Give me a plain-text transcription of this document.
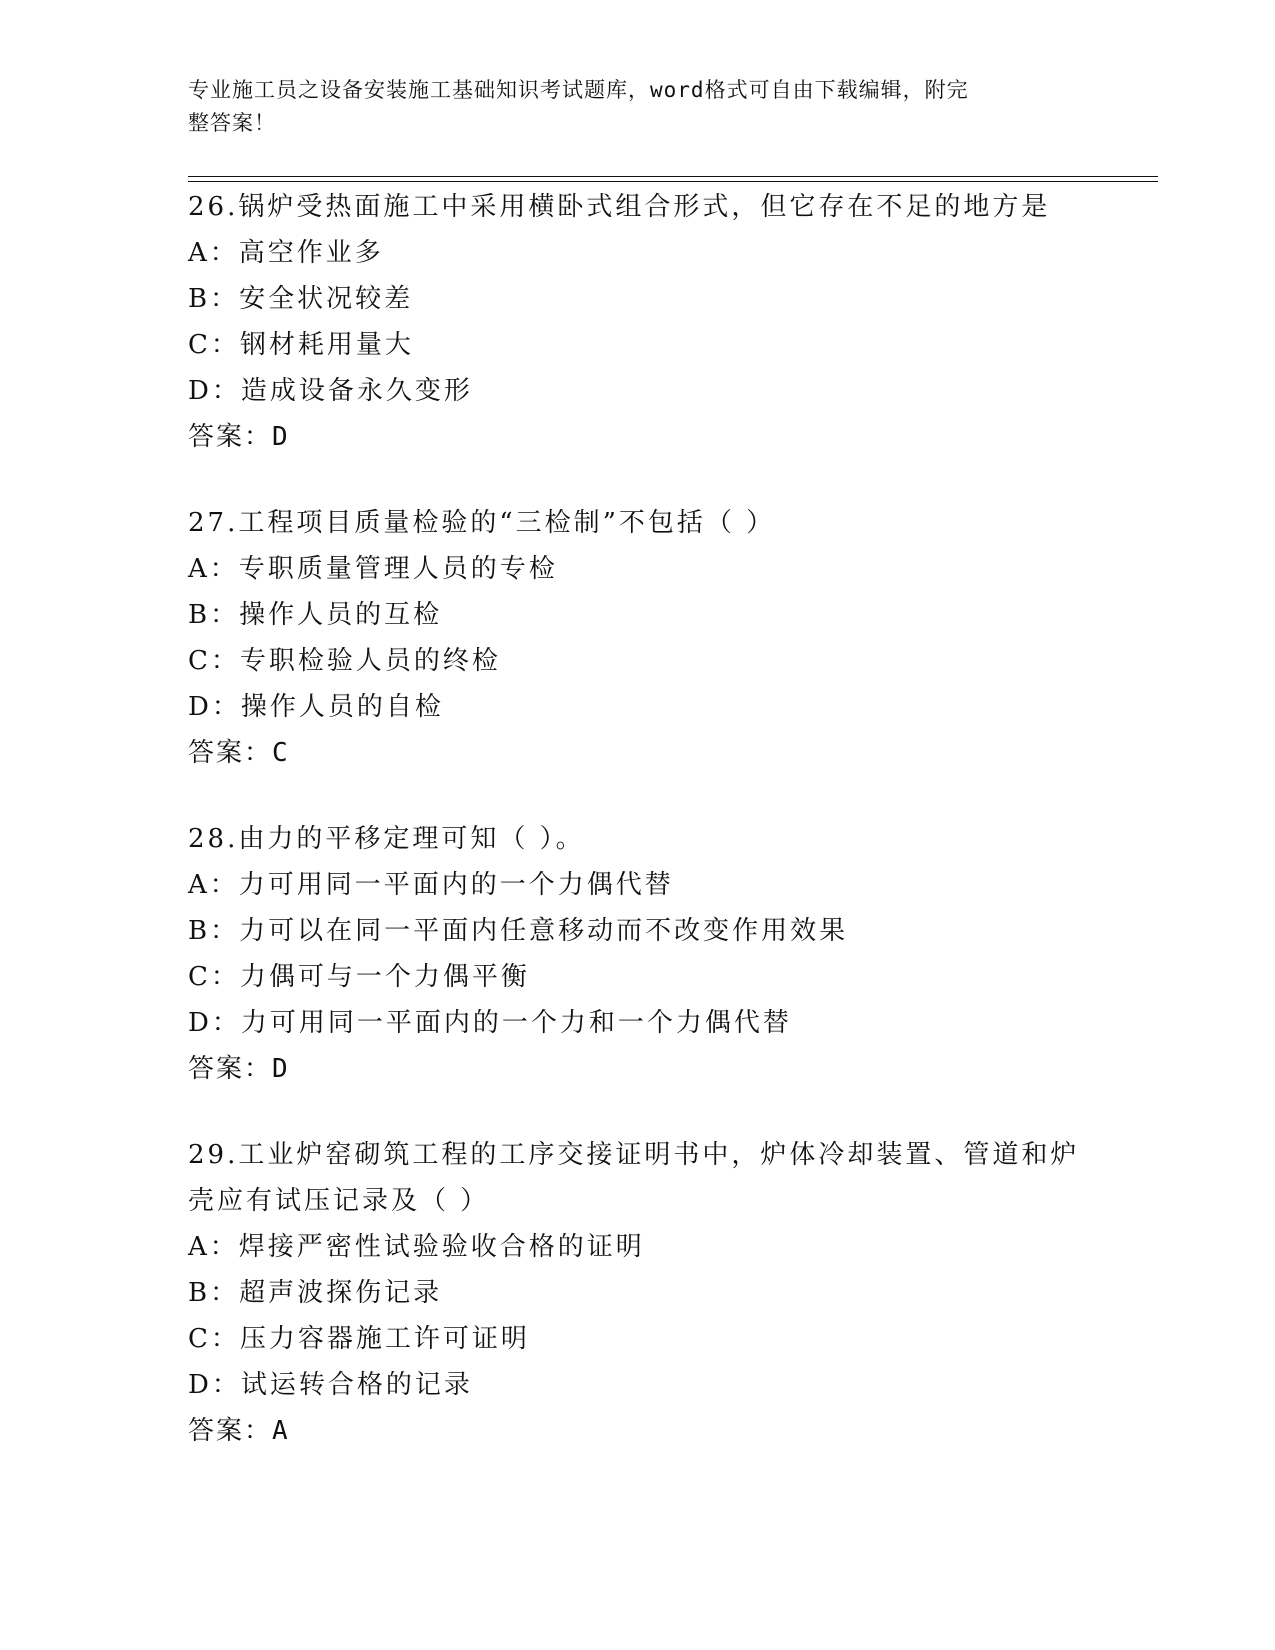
专业施工员之设备安装施工基础知识考试题库，word格式可自由下载编辑，附完
整答案！

26.锅炉受热面施工中采用横卧式组合形式，但它存在不足的地方是

A：高空作业多

B：安全状况较差

C：钢材耗用量大

D：造成设备永久变形

答案：D

27.工程项目质量检验的“三检制”不包括（ ）

A：专职质量管理人员的专检

B：操作人员的互检

C：专职检验人员的终检

D：操作人员的自检

答案：C

28.由力的平移定理可知（ ）。

A：力可用同一平面内的一个力偶代替

B：力可以在同一平面内任意移动而不改变作用效果

C：力偶可与一个力偶平衡

D：力可用同一平面内的一个力和一个力偶代替

答案：D

29.工业炉窑砌筑工程的工序交接证明书中，炉体冷却装置、管道和炉

壳应有试压记录及（ ）

A：焊接严密性试验验收合格的证明

B：超声波探伤记录

C：压力容器施工许可证明

D：试运转合格的记录

答案：A
